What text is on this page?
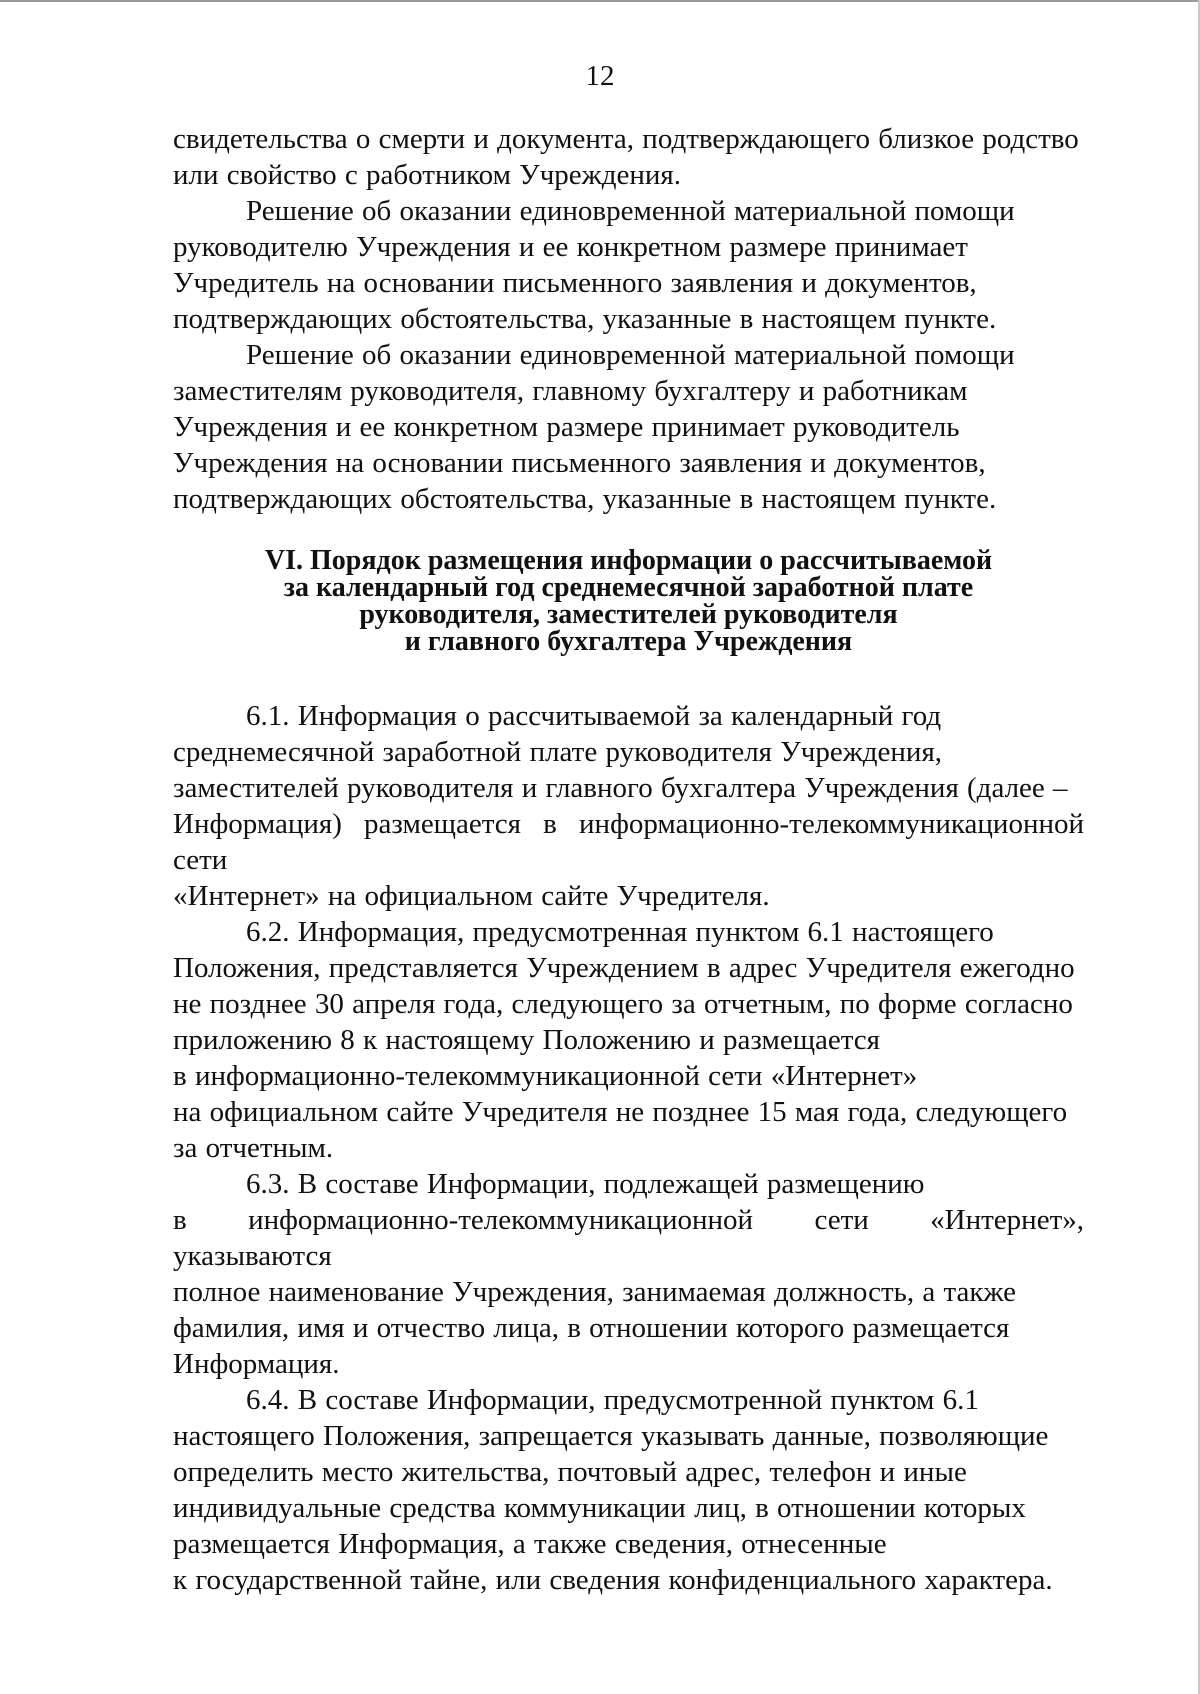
12

свидетельства о смерти и документа, подтверждающего близкое родство
или свойство с работником Учреждения.

Решение об оказании единовременной материальной помощи
руководителю Учреждения и ее конкретном размере принимает
Учредитель на основании письменного заявления и документов,
подтверждающих обстоятельства, указанные в настоящем пункте.

Решение об оказании единовременной материальной помощи
заместителям руководителя, главному бухгалтеру и работникам
Учреждения и ее конкретном размере принимает руководитель
Учреждения на основании письменного заявления и документов,
подтверждающих обстоятельства, указанные в настоящем пункте.

VI. Порядок размещения информации о рассчитываемой
за календарный год среднемесячной заработной плате
руководителя, заместителей руководителя
и главного бухгалтера Учреждения

6.1. Информация о рассчитываемой за календарный год
среднемесячной заработной плате руководителя Учреждения,
заместителей руководителя и главного бухгалтера Учреждения (далее –
Информация) размещается в информационно-телекоммуникационной сети
«Интернет» на официальном сайте Учредителя.

6.2. Информация, предусмотренная пунктом 6.1 настоящего
Положения, представляется Учреждением в адрес Учредителя ежегодно
не позднее 30 апреля года, следующего за отчетным, по форме согласно
приложению 8 к настоящему Положению и размещается
в информационно-телекоммуникационной сети «Интернет»
на официальном сайте Учредителя не позднее 15 мая года, следующего
за отчетным.

6.3. В составе Информации, подлежащей размещению
в информационно-телекоммуникационной сети «Интернет», указываются
полное наименование Учреждения, занимаемая должность, а также
фамилия, имя и отчество лица, в отношении которого размещается
Информация.

6.4. В составе Информации, предусмотренной пунктом 6.1
настоящего Положения, запрещается указывать данные, позволяющие
определить место жительства, почтовый адрес, телефон и иные
индивидуальные средства коммуникации лиц, в отношении которых
размещается Информация, а также сведения, отнесенные
к государственной тайне, или сведения конфиденциального характера.
